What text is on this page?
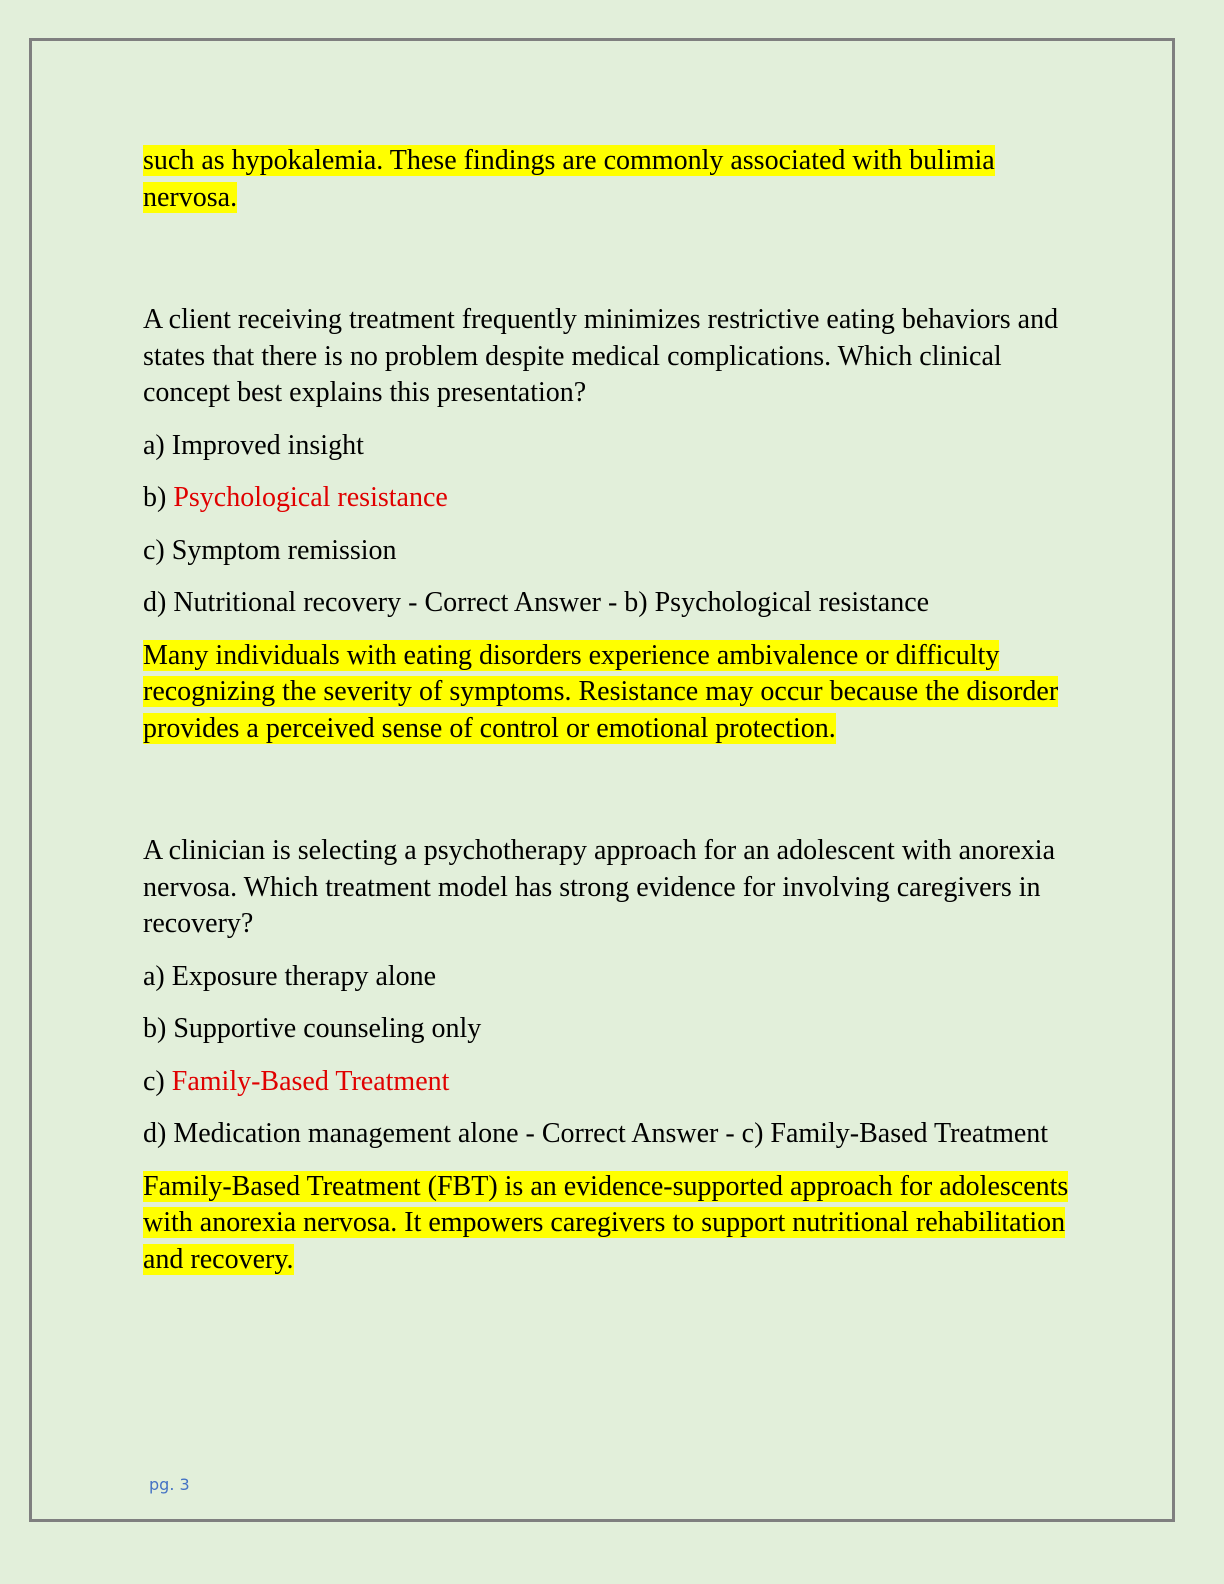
such as hypokalemia. These findings are commonly associated with bulimia nervosa.

A client receiving treatment frequently minimizes restrictive eating behaviors and states that there is no problem despite medical complications. Which clinical concept best explains this presentation?

a) Improved insight

b) Psychological resistance

c) Symptom remission

d) Nutritional recovery - Correct Answer - b) Psychological resistance

Many individuals with eating disorders experience ambivalence or difficulty recognizing the severity of symptoms. Resistance may occur because the disorder provides a perceived sense of control or emotional protection.

A clinician is selecting a psychotherapy approach for an adolescent with anorexia nervosa. Which treatment model has strong evidence for involving caregivers in recovery?

a) Exposure therapy alone

b) Supportive counseling only

c) Family-Based Treatment

d) Medication management alone - Correct Answer - c) Family-Based Treatment

Family-Based Treatment (FBT) is an evidence-supported approach for adolescents with anorexia nervosa. It empowers caregivers to support nutritional rehabilitation and recovery.

pg. 3
